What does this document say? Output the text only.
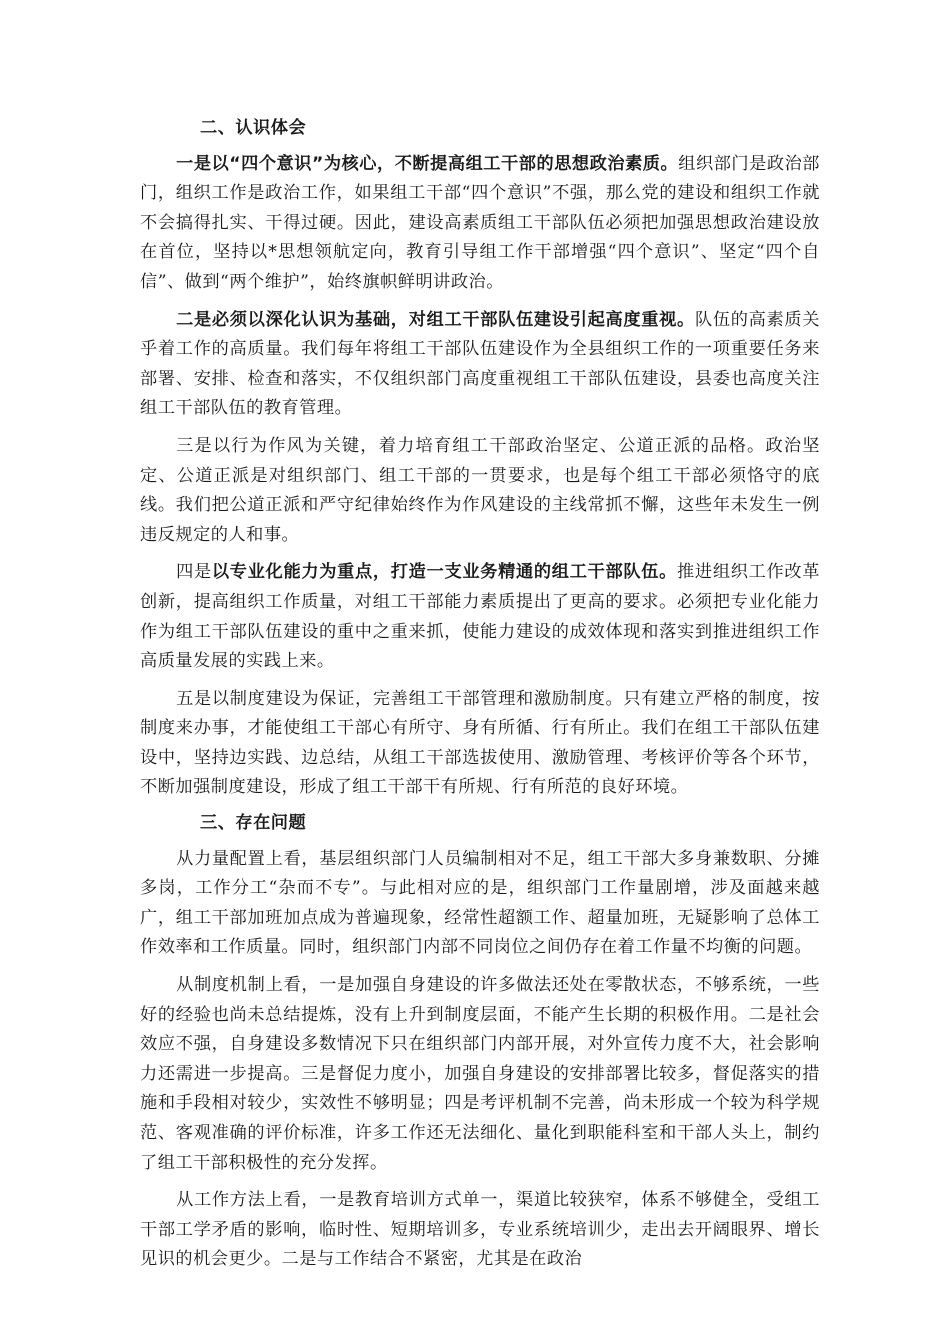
二、认识体会

一是以“四个意识”为核心，不断提高组工干部的思想政治素质。组织部门是政治部门，组织工作是政治工作，如果组工干部“四个意识”不强，那么党的建设和组织工作就不会搞得扎实、干得过硬。因此，建设高素质组工干部队伍必须把加强思想政治建设放在首位，坚持以*思想领航定向，教育引导组工作干部增强“四个意识”、坚定“四个自信”、做到“两个维护”，始终旗帜鲜明讲政治。

二是必须以深化认识为基础，对组工干部队伍建设引起高度重视。队伍的高素质关乎着工作的高质量。我们每年将组工干部队伍建设作为全县组织工作的一项重要任务来部署、安排、检查和落实，不仅组织部门高度重视组工干部队伍建设，县委也高度关注组工干部队伍的教育管理。

三是以行为作风为关键，着力培育组工干部政治坚定、公道正派的品格。政治坚定、公道正派是对组织部门、组工干部的一贯要求，也是每个组工干部必须恪守的底线。我们把公道正派和严守纪律始终作为作风建设的主线常抓不懈，这些年未发生一例违反规定的人和事。

四是以专业化能力为重点，打造一支业务精通的组工干部队伍。推进组织工作改革创新，提高组织工作质量，对组工干部能力素质提出了更高的要求。必须把专业化能力作为组工干部队伍建设的重中之重来抓，使能力建设的成效体现和落实到推进组织工作高质量发展的实践上来。

五是以制度建设为保证，完善组工干部管理和激励制度。只有建立严格的制度，按制度来办事，才能使组工干部心有所守、身有所循、行有所止。我们在组工干部队伍建设中，坚持边实践、边总结，从组工干部选拔使用、激励管理、考核评价等各个环节，不断加强制度建设，形成了组工干部干有所规、行有所范的良好环境。

三、存在问题

从力量配置上看，基层组织部门人员编制相对不足，组工干部大多身兼数职、分摊多岗，工作分工“杂而不专”。与此相对应的是，组织部门工作量剧增，涉及面越来越广，组工干部加班加点成为普遍现象，经常性超额工作、超量加班，无疑影响了总体工作效率和工作质量。同时，组织部门内部不同岗位之间仍存在着工作量不均衡的问题。

从制度机制上看，一是加强自身建设的许多做法还处在零散状态，不够系统，一些好的经验也尚未总结提炼，没有上升到制度层面，不能产生长期的积极作用。二是社会效应不强，自身建设多数情况下只在组织部门内部开展，对外宣传力度不大，社会影响力还需进一步提高。三是督促力度小，加强自身建设的安排部署比较多，督促落实的措施和手段相对较少，实效性不够明显；四是考评机制不完善，尚未形成一个较为科学规范、客观准确的评价标准，许多工作还无法细化、量化到职能科室和干部人头上，制约了组工干部积极性的充分发挥。

从工作方法上看，一是教育培训方式单一，渠道比较狭窄，体系不够健全，受组工干部工学矛盾的影响，临时性、短期培训多，专业系统培训少，走出去开阔眼界、增长见识的机会更少。二是与工作结合不紧密，尤其是在政治
